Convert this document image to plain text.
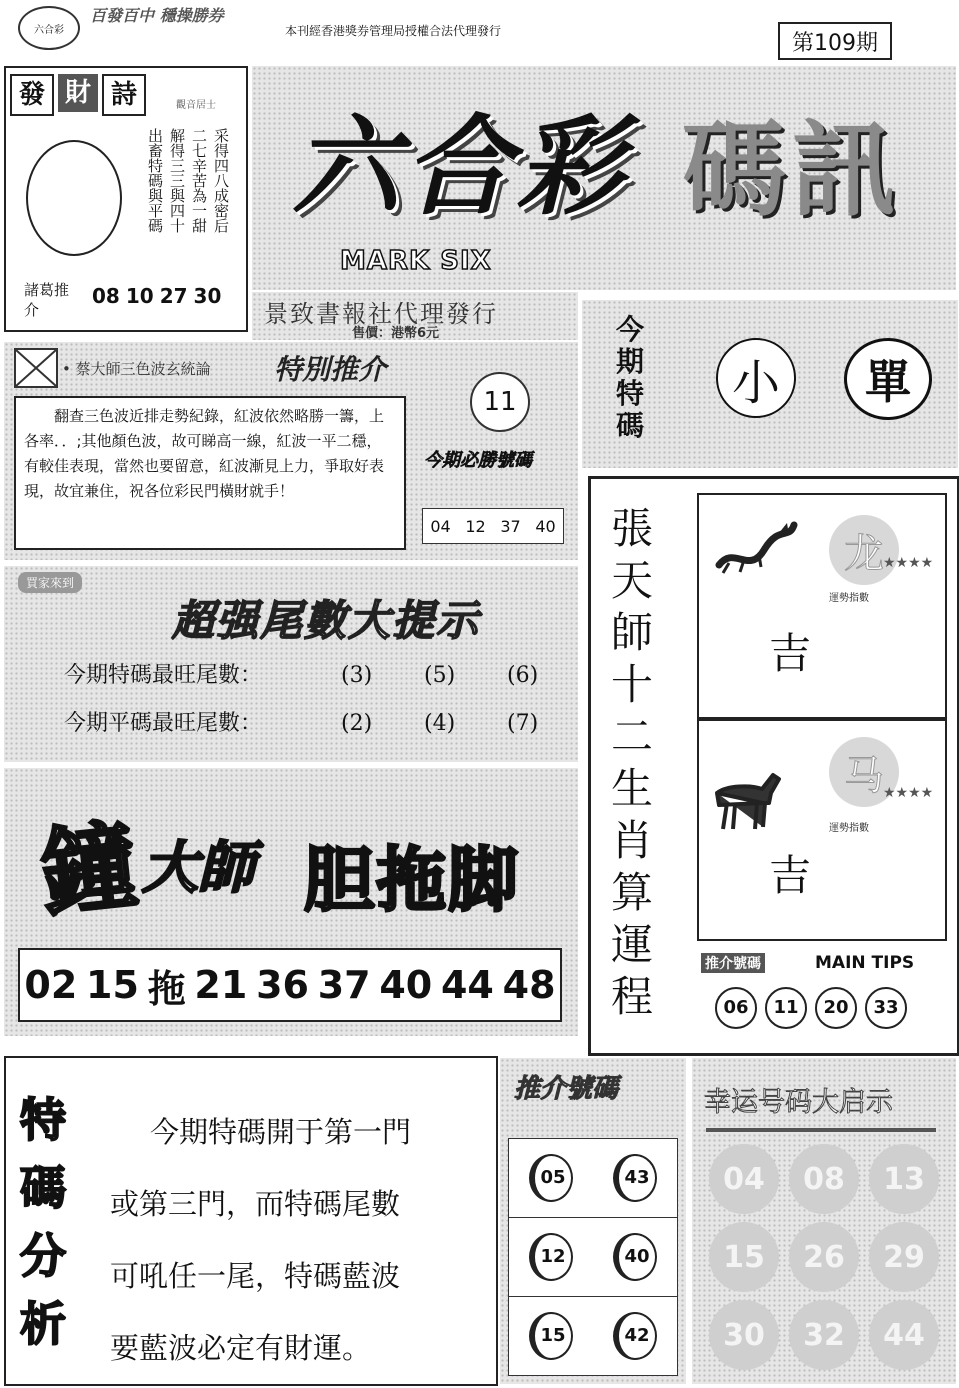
六合彩
百發百中 穩操勝券
本刊經香港獎券管理局授權合法代理發行	第109期
發 財 詩	觀音居士
出畜特碼與平碼 解得三三與四十 二七辛苦為一甜 采得四八成密后
諸葛推介
08 10 27 30
六合彩 碼訊
MARK SIX
景致書報社代理發行
售價：港幣6元	今
期
特
碼
小	單
• 蔡大師三色波玄統論 特別推介
翻查三色波近排走勢紀錄，紅波依然略勝一籌，上各率．．;其他顏色波，故可睇高一線，紅波一平二穩，有較佳表現，當然也要留意，紅波漸見上力，爭取好表現，故宜兼住，祝各位彩民門橫財就手！
11
今期必勝號碼
04 12 37 40
買家來到
超强尾數大提示
今期特碼最旺尾數：	(3) (5) (6)
今期平碼最旺尾數：	(2) (4) (7)
鐘 大師 胆拖脚
02 15 拖 21 36 37 40 44 48
張
天
師
十
二
生
肖
算
運
程
龙
運勢指數
★★★★
吉
马
運勢指數
★★★★
吉
推介號碼	MAIN TIPS
06	11	20	33
特
碼
分
析
今期特碼開于第一門
或第三門，而特碼尾數
可吼任一尾，特碼藍波
要藍波必定有財運。
推介號碼
05	43
12	40
15	42
幸运号码大启示
04	08	13
15	26	29
30	32	44
